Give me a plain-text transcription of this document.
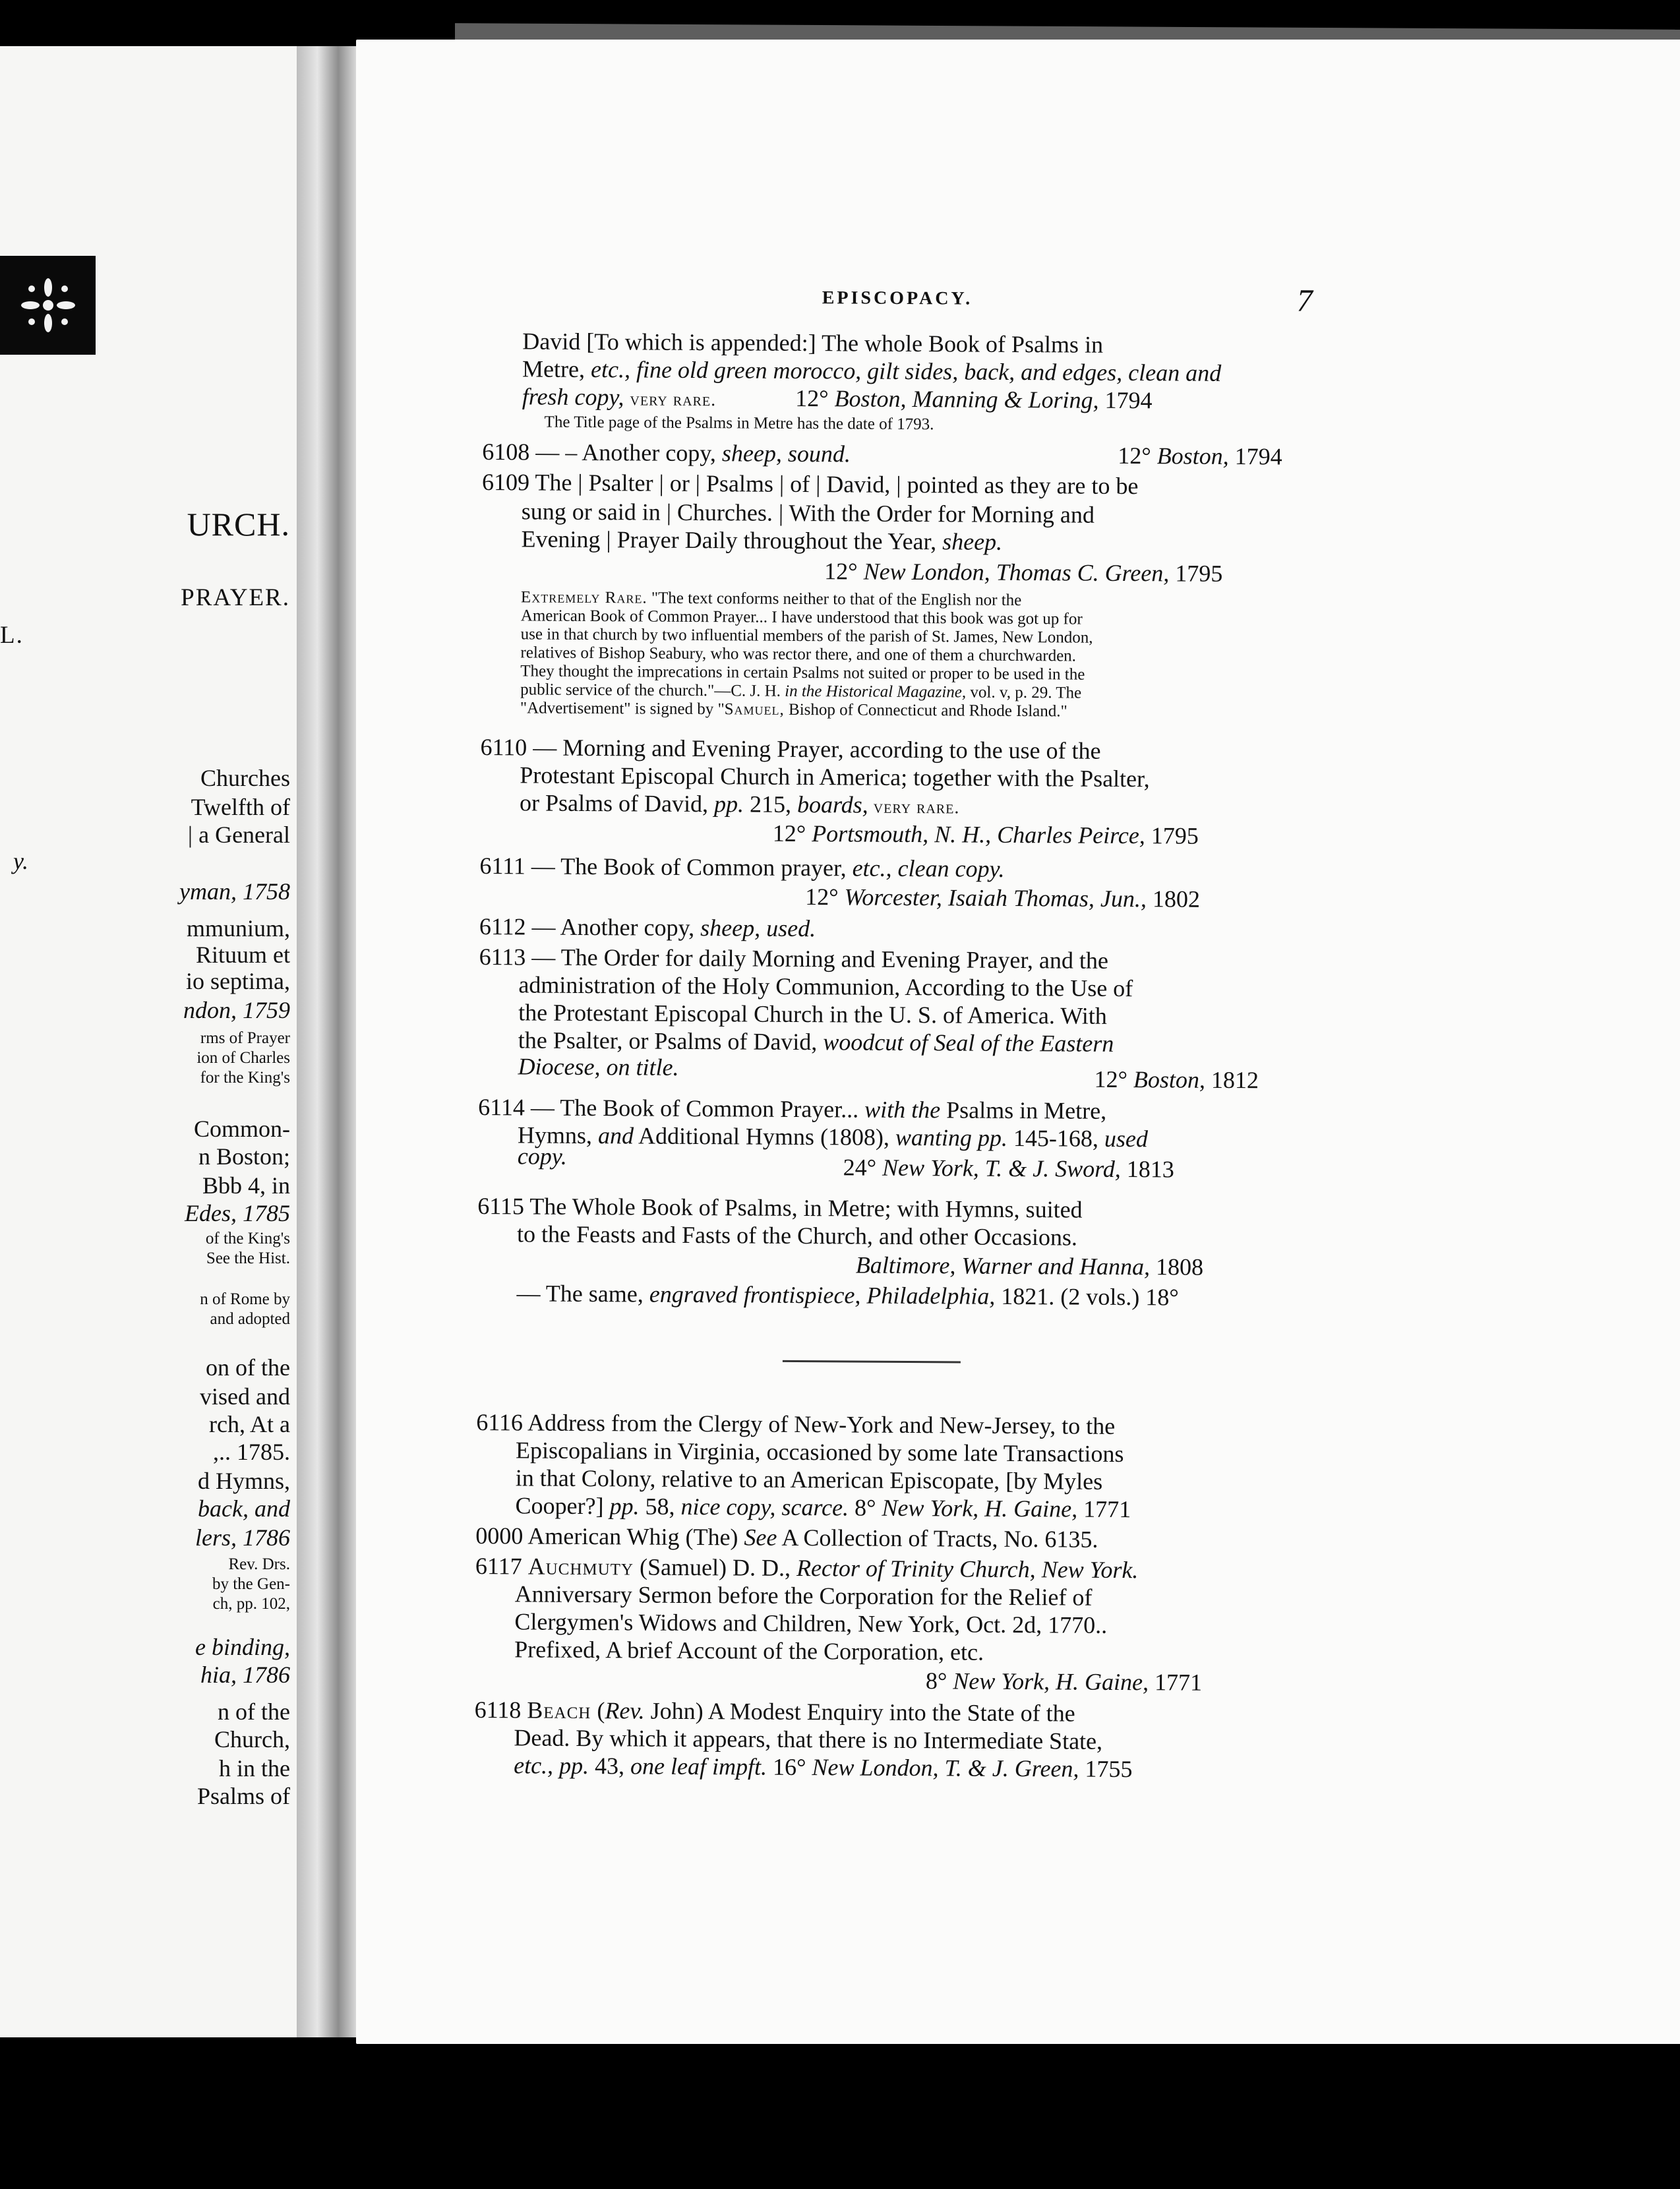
URCH.
PRAYER.
L.
Churches
Twelfth of
| a General
y.
yman, 1758
mmunium,
Rituum et
io septima,
ndon, 1759
rms of Prayer
ion of Charles
for the King's
Common-
n Boston;
Bbb 4, in
Edes, 1785
of the King's
See the Hist.
n of Rome by
and adopted
on of the
vised and
rch, At a
,.. 1785.
d Hymns,
back, and
lers, 1786
Rev. Drs.
by the Gen-
ch, pp. 102,
e binding,
hia, 1786
n of the
Church,
h in the
Psalms of
EPISCOPACY.	7
David [To which is appended:] The whole Book of Psalms in
Metre, etc., fine old green morocco, gilt sides, back, and edges, clean and
fresh copy, very rare.	12° Boston, Manning & Loring, 1794
The Title page of the Psalms in Metre has the date of 1793.
6108 — – Another copy, sheep, sound.	12° Boston, 1794
6109 The | Psalter | or | Psalms | of | David, | pointed as they are to be
sung or said in | Churches. | With the Order for Morning and
Evening | Prayer Daily throughout the Year, sheep.
12° New London, Thomas C. Green, 1795
Extremely Rare. "The text conforms neither to that of the English nor the
American Book of Common Prayer... I have understood that this book was got up for
use in that church by two influential members of the parish of St. James, New London,
relatives of Bishop Seabury, who was rector there, and one of them a churchwarden.
They thought the imprecations in certain Psalms not suited or proper to be used in the
public service of the church."—C. J. H. in the Historical Magazine, vol. v, p. 29. The
"Advertisement" is signed by "Samuel, Bishop of Connecticut and Rhode Island."
6110 — Morning and Evening Prayer, according to the use of the
Protestant Episcopal Church in America; together with the Psalter,
or Psalms of David, pp. 215, boards, very rare.
12° Portsmouth, N. H., Charles Peirce, 1795
6111 — The Book of Common prayer, etc., clean copy.
12° Worcester, Isaiah Thomas, Jun., 1802
6112 — Another copy, sheep, used.
6113 — The Order for daily Morning and Evening Prayer, and the
administration of the Holy Communion, According to the Use of
the Protestant Episcopal Church in the U. S. of America. With
the Psalter, or Psalms of David, woodcut of Seal of the Eastern
Diocese, on title.	12° Boston, 1812
6114 — The Book of Common Prayer... with the Psalms in Metre,
Hymns, and Additional Hymns (1808), wanting pp. 145-168, used
copy.	24° New York, T. & J. Sword, 1813
6115 The Whole Book of Psalms, in Metre; with Hymns, suited
to the Feasts and Fasts of the Church, and other Occasions.
Baltimore, Warner and Hanna, 1808
— The same, engraved frontispiece, Philadelphia, 1821. (2 vols.) 18°
6116 Address from the Clergy of New-York and New-Jersey, to the
Episcopalians in Virginia, occasioned by some late Transactions
in that Colony, relative to an American Episcopate, [by Myles
Cooper?] pp. 58, nice copy, scarce. 8° New York, H. Gaine, 1771
0000 American Whig (The) See A Collection of Tracts, No. 6135.
6117 Auchmuty (Samuel) D. D., Rector of Trinity Church, New York.
Anniversary Sermon before the Corporation for the Relief of
Clergymen's Widows and Children, New York, Oct. 2d, 1770..
Prefixed, A brief Account of the Corporation, etc.
8° New York, H. Gaine, 1771
6118 Beach (Rev. John) A Modest Enquiry into the State of the
Dead. By which it appears, that there is no Intermediate State,
etc., pp. 43, one leaf impft. 16° New London, T. & J. Green, 1755
